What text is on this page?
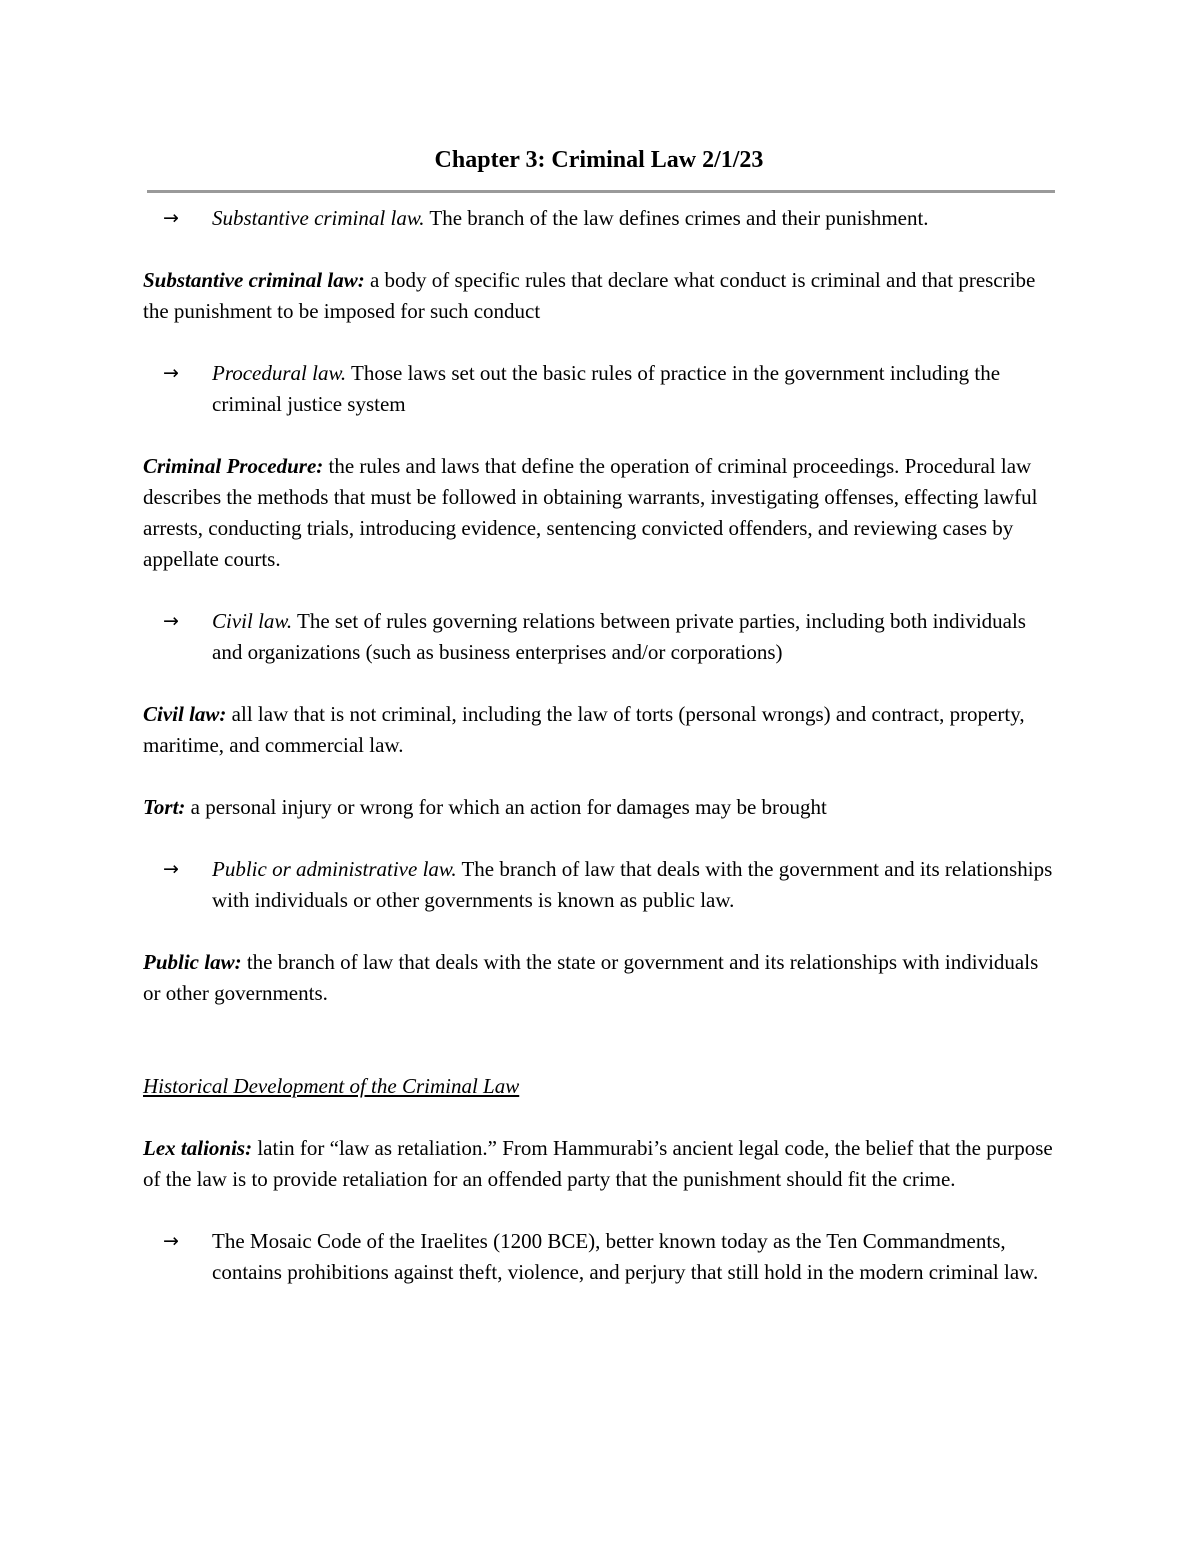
Chapter 3: Criminal Law 2/1/23
→ Substantive criminal law. The branch of the law defines crimes and their punishment.

Substantive criminal law: a body of specific rules that declare what conduct is criminal and that prescribe the punishment to be imposed for such conduct

→ Procedural law. Those laws set out the basic rules of practice in the government including the criminal justice system

Criminal Procedure: the rules and laws that define the operation of criminal proceedings. Procedural law describes the methods that must be followed in obtaining warrants, investigating offenses, effecting lawful arrests, conducting trials, introducing evidence, sentencing convicted offenders, and reviewing cases by appellate courts.

→ Civil law. The set of rules governing relations between private parties, including both individuals and organizations (such as business enterprises and/or corporations)

Civil law: all law that is not criminal, including the law of torts (personal wrongs) and contract, property, maritime, and commercial law.

Tort: a personal injury or wrong for which an action for damages may be brought

→ Public or administrative law. The branch of law that deals with the government and its relationships with individuals or other governments is known as public law.

Public law: the branch of law that deals with the state or government and its relationships with individuals or other governments.

Historical Development of the Criminal Law

Lex talionis: latin for “law as retaliation.” From Hammurabi’s ancient legal code, the belief that the purpose of the law is to provide retaliation for an offended party that the punishment should fit the crime.

→ The Mosaic Code of the Iraelites (1200 BCE), better known today as the Ten Commandments, contains prohibitions against theft, violence, and perjury that still hold in the modern criminal law.
